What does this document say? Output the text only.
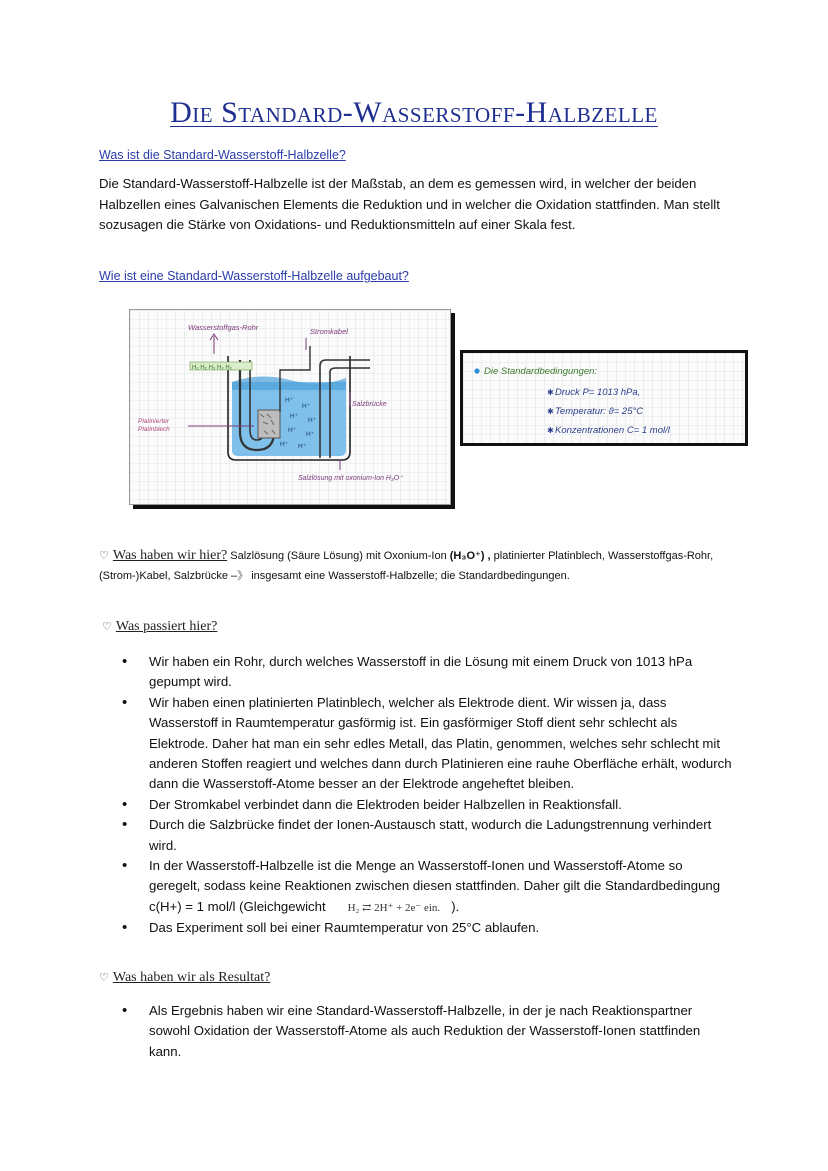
Die Standard-Wasserstoff-Halbzelle
Was ist die Standard-Wasserstoff-Halbzelle?
Die Standard-Wasserstoff-Halbzelle ist der Maßstab, an dem es gemessen wird, in welcher der beiden Halbzellen eines Galvanischen Elements die Reduktion und in welcher die Oxidation stattfinden. Man stellt sozusagen die Stärke von Oxidations- und Reduktionsmitteln auf einer Skala fest.
Wie ist eine Standard-Wasserstoff-Halbzelle aufgebaut?
H₂ H₂ H₂ H₂ H₂
Wasserstoffgas-Rohr	Stromkabel
Salzbrücke
Platinierter Platinblech
Salzlösung mit oxonium-Ion H₃O⁺
H⁺
H⁺
H⁺
H⁺
H⁺
H⁺
H⁺ H⁺
Die Standardbedingungen:
Druck P= 1013 hPa,
Temperatur: ϑ= 25°C
Konzentrationen C= 1 mol/l
✱
✱
✱
♡ Was haben wir hier? Salzlösung (Säure Lösung) mit Oxonium-Ion (H₃O⁺) , platinierter Platinblech, Wasserstoffgas-Rohr, (Strom-)Kabel, Salzbrücke –》 insgesamt eine Wasserstoff-Halbzelle; die Standardbedingungen.
♡ Was passiert hier?
• Wir haben ein Rohr, durch welches Wasserstoff in die Lösung mit einem Druck von 1013 hPa gepumpt wird.
• Wir haben einen platinierten Platinblech, welcher als Elektrode dient. Wir wissen ja, dass Wasserstoff in Raumtemperatur gasförmig ist. Ein gasförmiger Stoff dient sehr schlecht als Elektrode. Daher hat man ein sehr edles Metall, das Platin, genommen, welches sehr schlecht mit anderen Stoffen reagiert und welches dann durch Platinieren eine rauhe Oberfläche erhält, wodurch dann die Wasserstoff-Atome besser an der Elektrode angeheftet bleiben.
• Der Stromkabel verbindet dann die Elektroden beider Halbzellen in Reaktionsfall.
• Durch die Salzbrücke findet der Ionen-Austausch statt, wodurch die Ladungstrennung verhindert wird.
• In der Wasserstoff-Halbzelle ist die Menge an Wasserstoff-Ionen und Wasserstoff-Atome so geregelt, sodass keine Reaktionen zwischen diesen stattfinden. Daher gilt die Standardbedingung c(H+) = 1 mol/l (Gleichgewicht H₂ ⇄ 2H⁺ + 2e⁻ ein. ).
• Das Experiment soll bei einer Raumtemperatur von 25°C ablaufen.
♡ Was haben wir als Resultat?
• Als Ergebnis haben wir eine Standard-Wasserstoff-Halbzelle, in der je nach Reaktionspartner sowohl Oxidation der Wasserstoff-Atome als auch Reduktion der Wasserstoff-Ionen stattfinden kann.
